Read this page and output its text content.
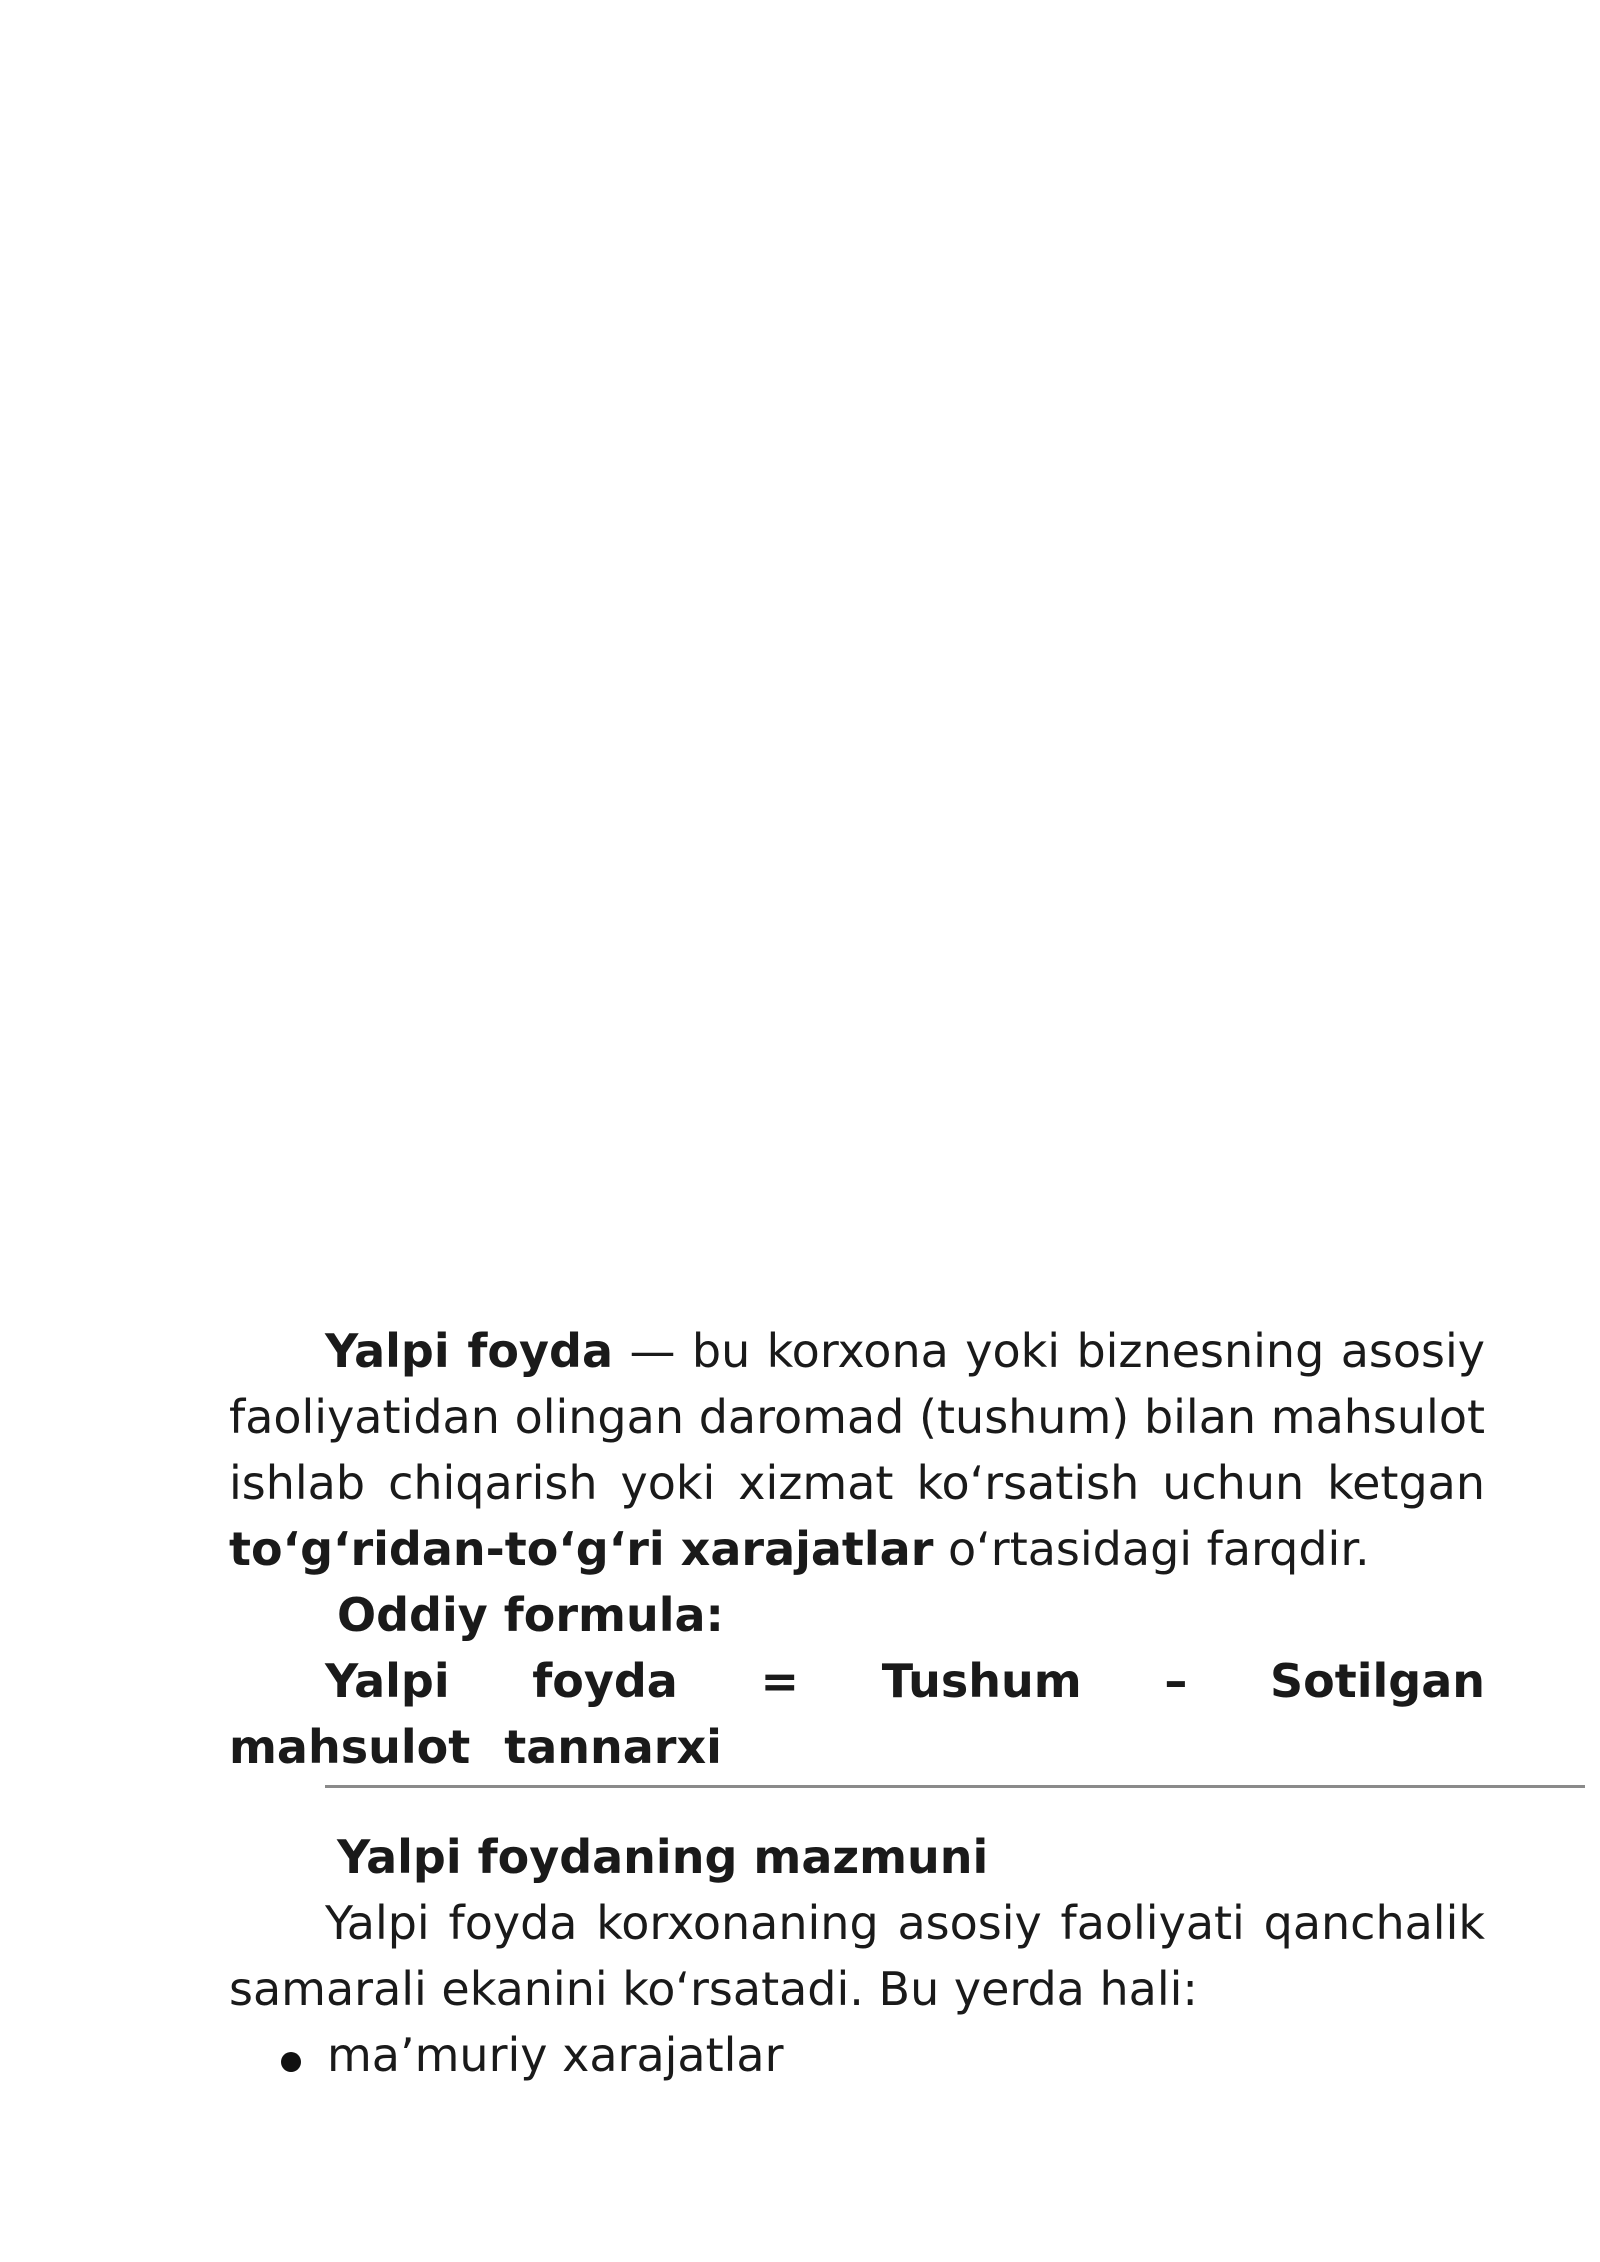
Yalpi foyda — bu korxona yoki biznesning asosiy faoliyatidan olingan daromad (tushum) bilan mahsulot ishlab chiqarish yoki xizmat koʻrsatish uchun ketgan toʻgʻridan-toʻgʻri xarajatlar oʻrtasidagi farqdir.

Oddiy formula:

Yalpi foyda = Tushum – Sotilgan mahsulot tannarxi

Yalpi foydaning mazmuni

Yalpi foyda korxonaning asosiy faoliyati qanchalik samarali ekanini koʻrsatadi. Bu yerda hali:

ma’muriy xarajatlar
